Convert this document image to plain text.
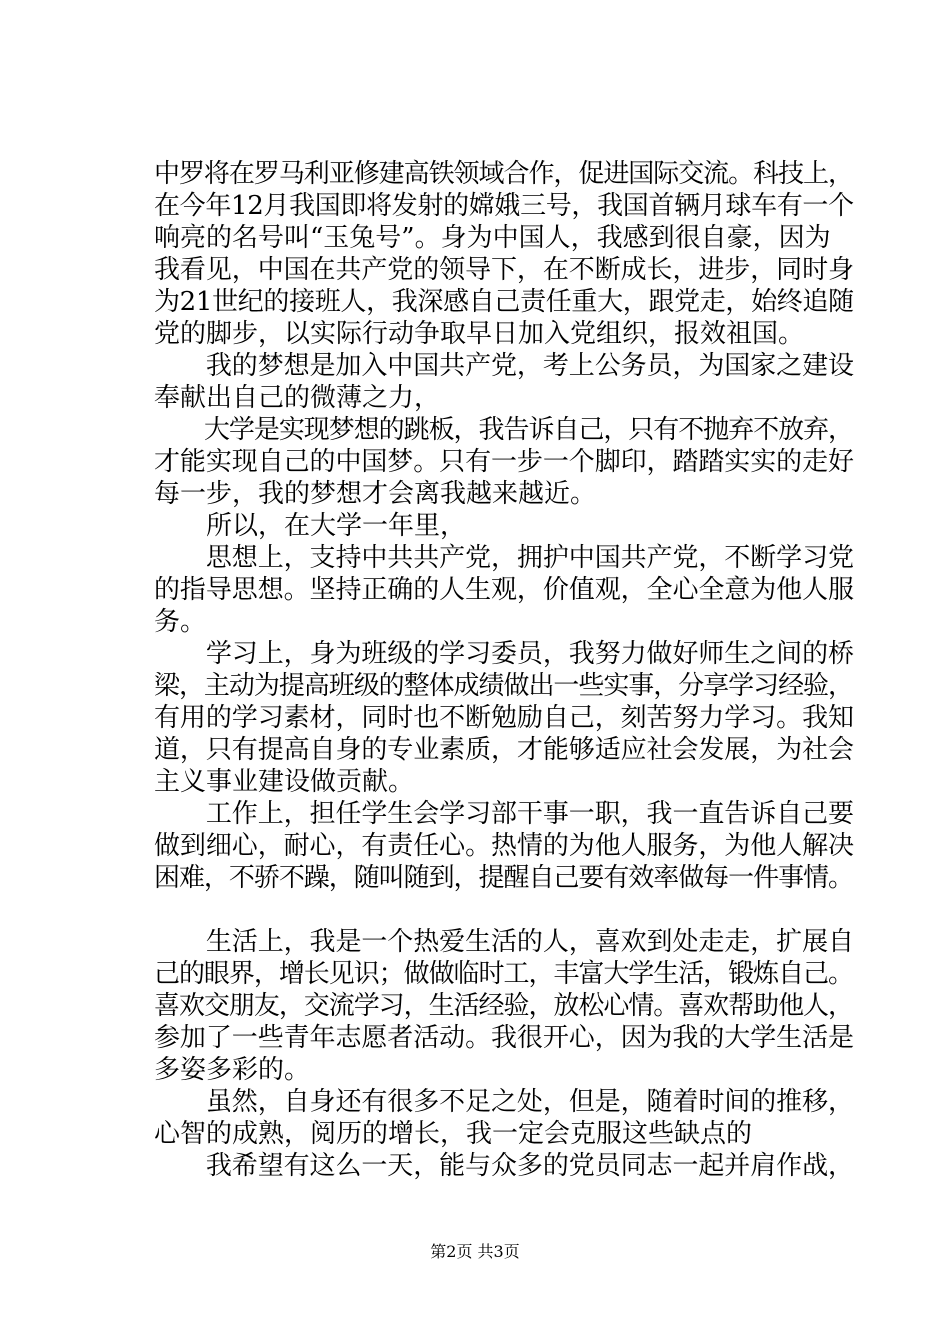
中罗将在罗马利亚修建高铁领域合作，促进国际交流。科技上，
在今年12月我国即将发射的嫦娥三号，我国首辆月球车有一个
响亮的名号叫“玉兔号”。身为中国人，我感到很自豪，因为
我看见，中国在共产党的领导下，在不断成长，进步，同时身
为21世纪的接班人，我深感自己责任重大，跟党走，始终追随
党的脚步，以实际行动争取早日加入党组织，报效祖国。
　　我的梦想是加入中国共产党，考上公务员，为国家之建设
奉献出自己的微薄之力，
　　大学是实现梦想的跳板，我告诉自己，只有不抛弃不放弃，
才能实现自己的中国梦。只有一步一个脚印，踏踏实实的走好
每一步，我的梦想才会离我越来越近。
　　所以，在大学一年里，
　　思想上，支持中共共产党，拥护中国共产党，不断学习党
的指导思想。坚持正确的人生观，价值观，全心全意为他人服
务。
　　学习上，身为班级的学习委员，我努力做好师生之间的桥
梁，主动为提高班级的整体成绩做出一些实事，分享学习经验，
有用的学习素材，同时也不断勉励自己，刻苦努力学习。我知
道，只有提高自身的专业素质，才能够适应社会发展，为社会
主义事业建设做贡献。
　　工作上，担任学生会学习部干事一职，我一直告诉自己要
做到细心，耐心，有责任心。热情的为他人服务，为他人解决
困难，不骄不躁，随叫随到，提醒自己要有效率做每一件事情。
　　生活上，我是一个热爱生活的人，喜欢到处走走，扩展自
己的眼界，增长见识；做做临时工，丰富大学生活，锻炼自己。
喜欢交朋友，交流学习，生活经验，放松心情。喜欢帮助他人，
参加了一些青年志愿者活动。我很开心，因为我的大学生活是
多姿多彩的。
　　虽然，自身还有很多不足之处，但是，随着时间的推移，
心智的成熟，阅历的增长，我一定会克服这些缺点的
　　我希望有这么一天，能与众多的党员同志一起并肩作战，
第2页 共3页
